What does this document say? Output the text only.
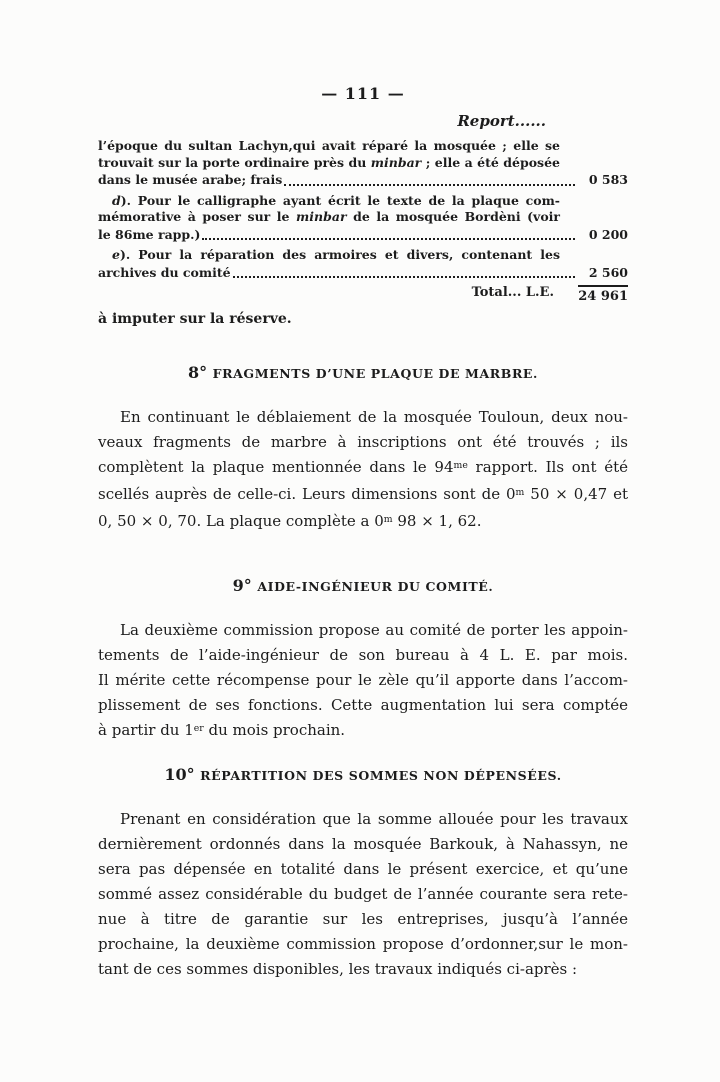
— 111 —
Report......
l’époque du sultan Lachyn,qui avait réparé la mosquée ; elle se
trouvait sur la porte ordinaire près du minbar ; elle a été déposée
dans le musée arabe; frais	0 583
d). Pour le calligraphe ayant écrit le texte de la plaque com-
mémorative à poser sur le minbar de la mosquée Bordèni (voir
le 86me rapp.)	0 200
e). Pour la réparation des armoires et divers, contenant les
archives du comité	2 560
Total... L.E. 24 961
à imputer sur la réserve.
8° FRAGMENTS D’UNE PLAQUE DE MARBRE.
En continuant le déblaiement de la mosquée Touloun, deux nou-
veaux fragments de marbre à inscriptions ont été trouvés ; ils
complètent la plaque mentionnée dans le $94^{me}$ rapport. Ils ont été
scellés auprès de celle-ci. Leurs dimensions sont de 0$^m$ 50 × 0,47 et
0, 50 × 0, 70. La plaque complète a 0$^m$ 98 × 1, 62.
9° AIDE-INGÉNIEUR DU COMITÉ.
La deuxième commission propose au comité de porter les appoin-
tements de l’aide-ingénieur de son bureau à 4 L. E. par mois.
Il mérite cette récompense pour le zèle qu’il apporte dans l’accom-
plissement de ses fonctions. Cette augmentation lui sera comptée
à partir du 1er du mois prochain.
10° RÉPARTITION DES SOMMES NON DÉPENSÉES.
Prenant en considération que la somme allouée pour les travaux
dernièrement ordonnés dans la mosquée Barkouk, à Nahassyn, ne
sera pas dépensée en totalité dans le présent exercice, et qu’une
sommé assez considérable du budget de l’année courante sera rete-
nue à titre de garantie sur les entreprises, jusqu’à l’année
prochaine, la deuxième commission propose d’ordonner,sur le mon-
tant de ces sommes disponibles, les travaux indiqués ci-après :
